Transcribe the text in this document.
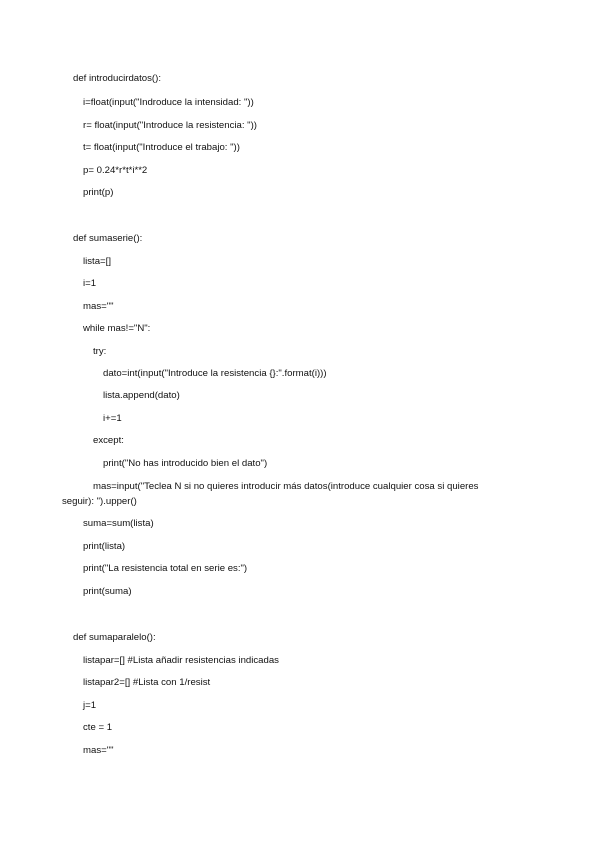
def introducirdatos():
i=float(input("Indroduce la intensidad: "))
r= float(input("Introduce la resistencia: "))
t= float(input("Introduce el trabajo: "))
p= 0.24*r*t*i**2
print(p)
def sumaserie():
lista=[]
i=1
mas=""
while mas!="N":
try:
dato=int(input("Introduce la resistencia {}:".format(i)))
lista.append(dato)
i+=1
except:
print("No has introducido bien el dato")
mas=input("Teclea N si no quieres introducir más datos(introduce cualquier cosa si quieres
seguir): ").upper()
suma=sum(lista)
print(lista)
print("La resistencia total en serie es:")
print(suma)
def sumaparalelo():
listapar=[] #Lista añadir resistencias indicadas
listapar2=[] #Lista con 1/resist
j=1
cte = 1
mas=""
